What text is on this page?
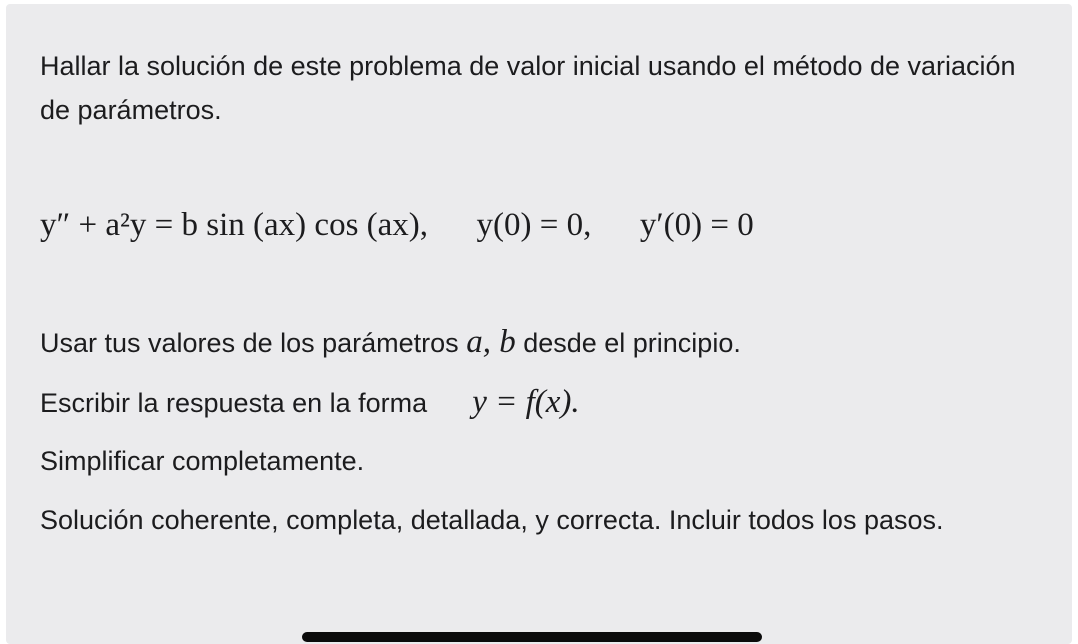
Hallar la solución de este problema de valor inicial usando el método de variación de parámetros.

y″ + a²y = b sin (ax) cos (ax), y(0) = 0, y′(0) = 0

Usar tus valores de los parámetros a, b desde el principio.

Escribir la respuesta en la forma y = f(x).

Simplificar completamente.

Solución coherente, completa, detallada, y correcta. Incluir todos los pasos.
